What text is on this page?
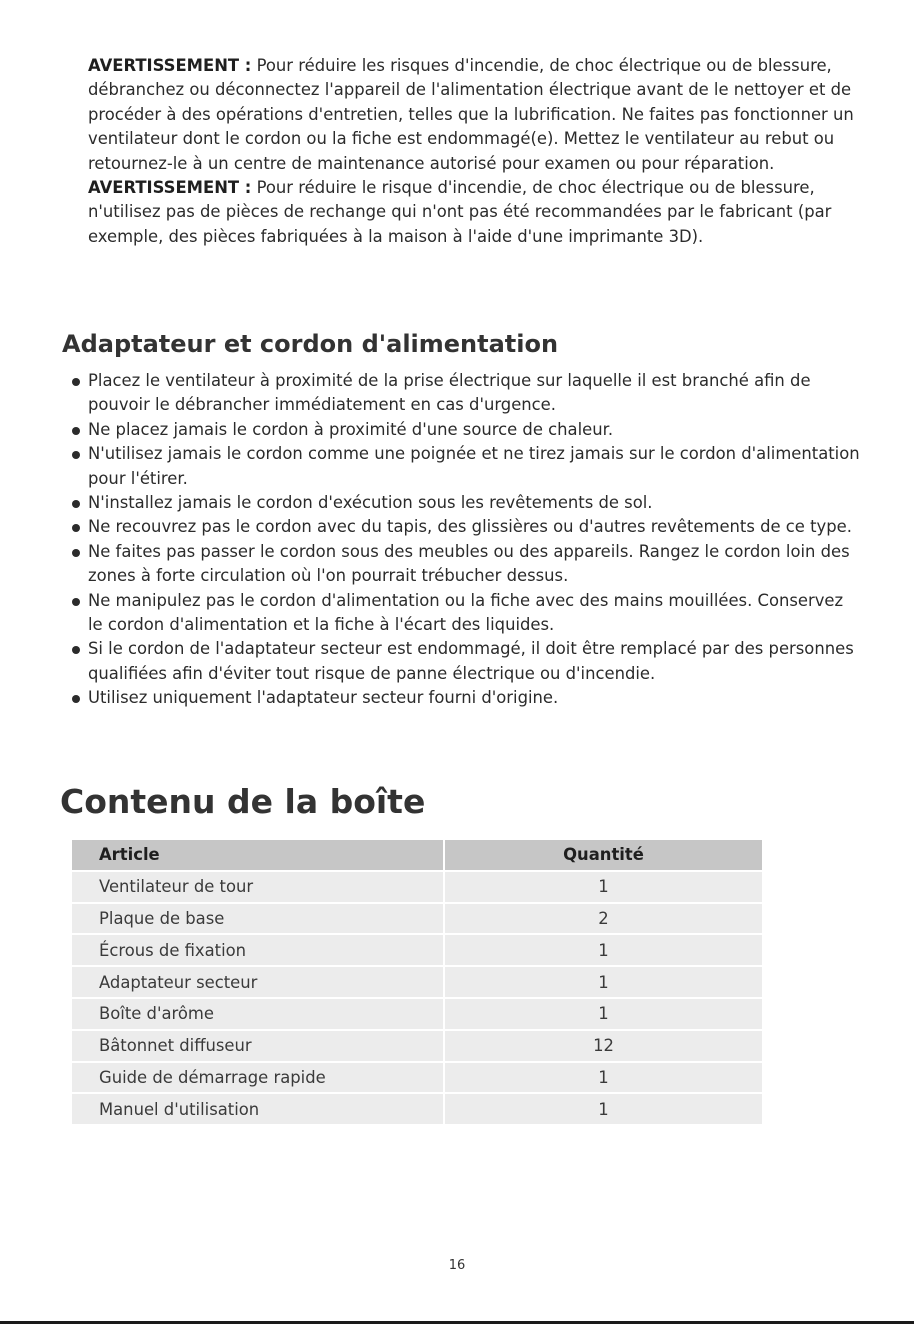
AVERTISSEMENT : Pour réduire les risques d'incendie, de choc électrique ou de blessure, débranchez ou déconnectez l'appareil de l'alimentation électrique avant de le nettoyer et de procéder à des opérations d'entretien, telles que la lubrification. Ne faites pas fonctionner un ventilateur dont le cordon ou la fiche est endommagé(e). Mettez le ventilateur au rebut ou retournez-le à un centre de maintenance autorisé pour examen ou pour réparation.

AVERTISSEMENT : Pour réduire le risque d'incendie, de choc électrique ou de blessure, n'utilisez pas de pièces de rechange qui n'ont pas été recommandées par le fabricant (par exemple, des pièces fabriquées à la maison à l'aide d'une imprimante 3D).

Adaptateur et cordon d'alimentation
Placez le ventilateur à proximité de la prise électrique sur laquelle il est branché afin de pouvoir le débrancher immédiatement en cas d'urgence.
Ne placez jamais le cordon à proximité d'une source de chaleur.
N'utilisez jamais le cordon comme une poignée et ne tirez jamais sur le cordon d'alimentation pour l'étirer.
N'installez jamais le cordon d'exécution sous les revêtements de sol.
Ne recouvrez pas le cordon avec du tapis, des glissières ou d'autres revêtements de ce type.
Ne faites pas passer le cordon sous des meubles ou des appareils. Rangez le cordon loin des zones à forte circulation où l'on pourrait trébucher dessus.
Ne manipulez pas le cordon d'alimentation ou la fiche avec des mains mouillées. Conservez le cordon d'alimentation et la fiche à l'écart des liquides.
Si le cordon de l'adaptateur secteur est endommagé, il doit être remplacé par des personnes qualifiées afin d'éviter tout risque de panne électrique ou d'incendie.
Utilisez uniquement l'adaptateur secteur fourni d'origine.
Contenu de la boîte
Article	Quantité
Ventilateur de tour	1
Plaque de base	2
Écrous de fixation	1
Adaptateur secteur	1
Boîte d'arôme	1
Bâtonnet diffuseur	12
Guide de démarrage rapide	1
Manuel d'utilisation	1
16
